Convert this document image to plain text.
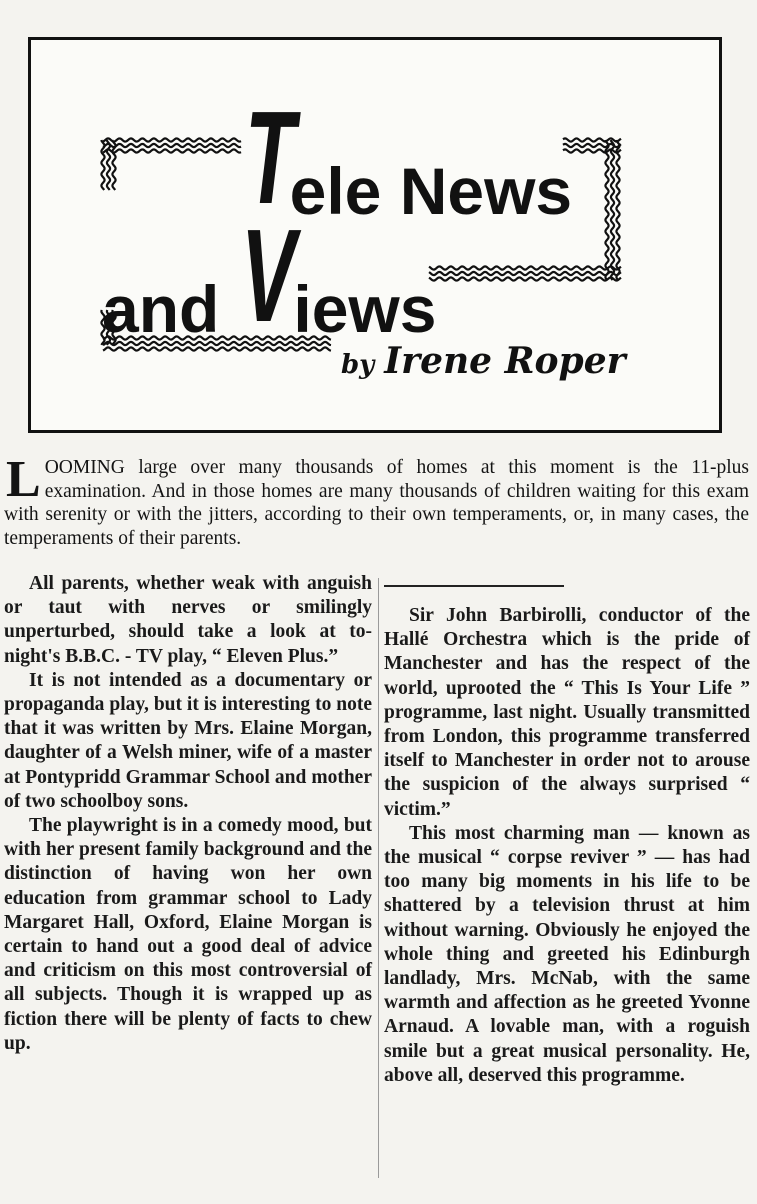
Tele News
and Views
by Irene Roper
LOOMING large over many thousands of homes at this moment is the 11-plus examination. And in those homes are many thousands of children waiting for this exam with serenity or with the jitters, according to their own temperaments, or, in many cases, the temperaments of their parents.

All parents, whether weak with anguish or taut with nerves or smilingly unperturbed, should take a look at to-night's B.B.C. - TV play, “ Eleven Plus.”

It is not intended as a documentary or propaganda play, but it is interesting to note that it was written by Mrs. Elaine Morgan, daughter of a Welsh miner, wife of a master at Pontypridd Grammar School and mother of two schoolboy sons.

The playwright is in a comedy mood, but with her present family background and the distinction of having won her own education from grammar school to Lady Margaret Hall, Oxford, Elaine Morgan is certain to hand out a good deal of advice and criticism on this most controversial of all subjects. Though it is wrapped up as fiction there will be plenty of facts to chew up.

Sir John Barbirolli, conductor of the Hallé Orchestra which is the pride of Manchester and has the respect of the world, uprooted the “ This Is Your Life ” programme, last night. Usually transmitted from London, this programme transferred itself to Manchester in order not to arouse the suspicion of the always surprised “ victim.”

This most charming man — known as the musical “ corpse reviver ” — has had too many big moments in his life to be shattered by a television thrust at him without warning. Obviously he enjoyed the whole thing and greeted his Edinburgh landlady, Mrs. McNab, with the same warmth and affection as he greeted Yvonne Arnaud. A lovable man, with a roguish smile but a great musical personality. He, above all, deserved this programme.
